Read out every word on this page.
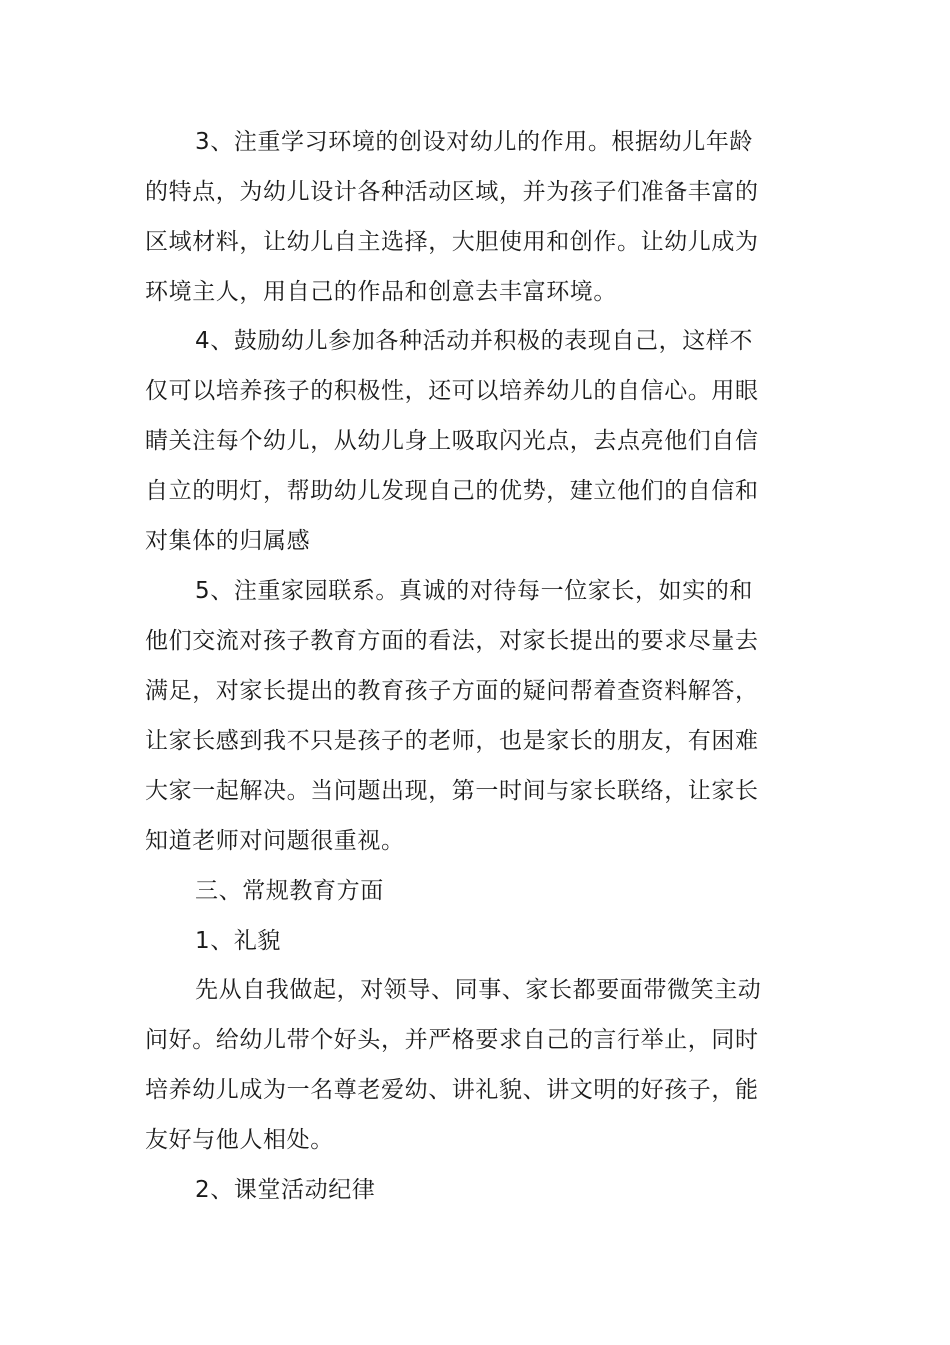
3、注重学习环境的创设对幼儿的作用。根据幼儿年龄
的特点，为幼儿设计各种活动区域，并为孩子们准备丰富的
区域材料，让幼儿自主选择，大胆使用和创作。让幼儿成为
环境主人，用自己的作品和创意去丰富环境。
4、鼓励幼儿参加各种活动并积极的表现自己，这样不
仅可以培养孩子的积极性，还可以培养幼儿的自信心。用眼
睛关注每个幼儿，从幼儿身上吸取闪光点，去点亮他们自信
自立的明灯，帮助幼儿发现自己的优势，建立他们的自信和
对集体的归属感
5、注重家园联系。真诚的对待每一位家长，如实的和
他们交流对孩子教育方面的看法，对家长提出的要求尽量去
满足，对家长提出的教育孩子方面的疑问帮着查资料解答，
让家长感到我不只是孩子的老师，也是家长的朋友，有困难
大家一起解决。当问题出现，第一时间与家长联络，让家长
知道老师对问题很重视。
三、常规教育方面
1、礼貌
先从自我做起，对领导、同事、家长都要面带微笑主动
问好。给幼儿带个好头，并严格要求自己的言行举止，同时
培养幼儿成为一名尊老爱幼、讲礼貌、讲文明的好孩子，能
友好与他人相处。
2、课堂活动纪律
